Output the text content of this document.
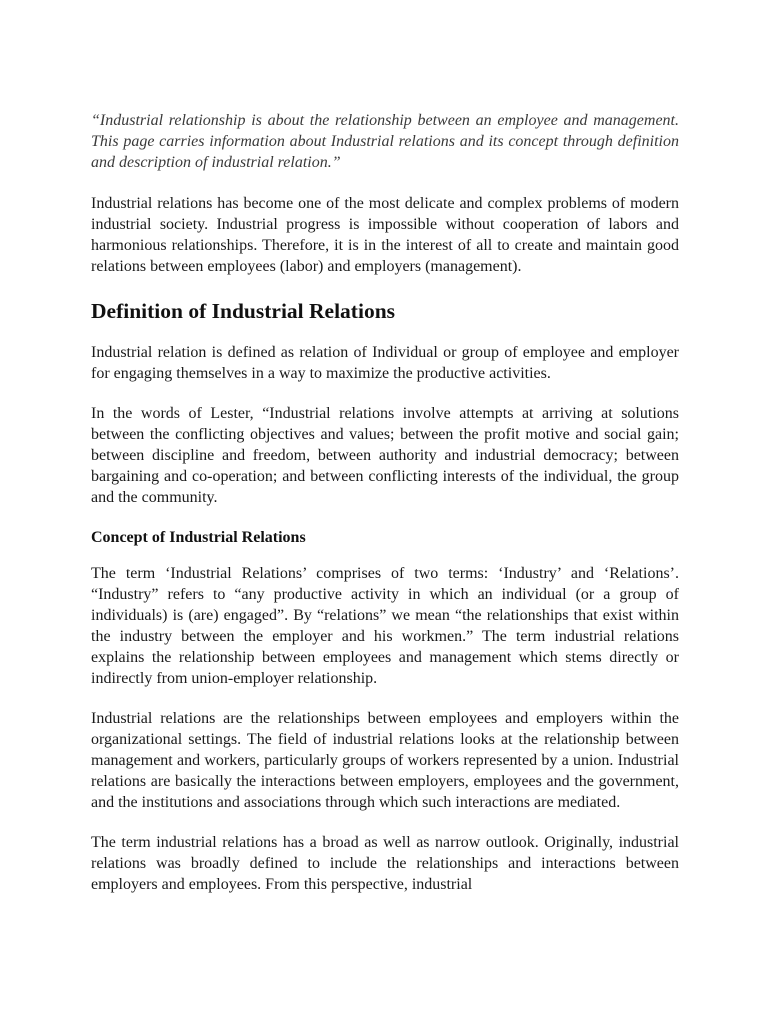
“Industrial relationship is about the relationship between an employee and management. This page carries information about Industrial relations and its concept through definition and description of industrial relation.”

Industrial relations has become one of the most delicate and complex problems of modern industrial society. Industrial progress is impossible without cooperation of labors and harmonious relationships. Therefore, it is in the interest of all to create and maintain good relations between employees (labor) and employers (management).

Definition of Industrial Relations

Industrial relation is defined as relation of Individual or group of employee and employer for engaging themselves in a way to maximize the productive activities.

In the words of Lester, “Industrial relations involve attempts at arriving at solutions between the conflicting objectives and values; between the profit motive and social gain; between discipline and freedom, between authority and industrial democracy; between bargaining and co-operation; and between conflicting interests of the individual, the group and the community.

Concept of Industrial Relations

The term ‘Industrial Relations’ comprises of two terms: ‘Industry’ and ‘Relations’. “Industry” refers to “any productive activity in which an individual (or a group of individuals) is (are) engaged”. By “relations” we mean “the relationships that exist within the industry between the employer and his workmen.” The term industrial relations explains the relationship between employees and management which stems directly or indirectly from union-employer relationship.

Industrial relations are the relationships between employees and employers within the organizational settings. The field of industrial relations looks at the relationship between management and workers, particularly groups of workers represented by a union. Industrial relations are basically the interactions between employers, employees and the government, and the institutions and associations through which such interactions are mediated.

The term industrial relations has a broad as well as narrow outlook. Originally, industrial relations was broadly defined to include the relationships and interactions between employers and employees. From this perspective, industrial
